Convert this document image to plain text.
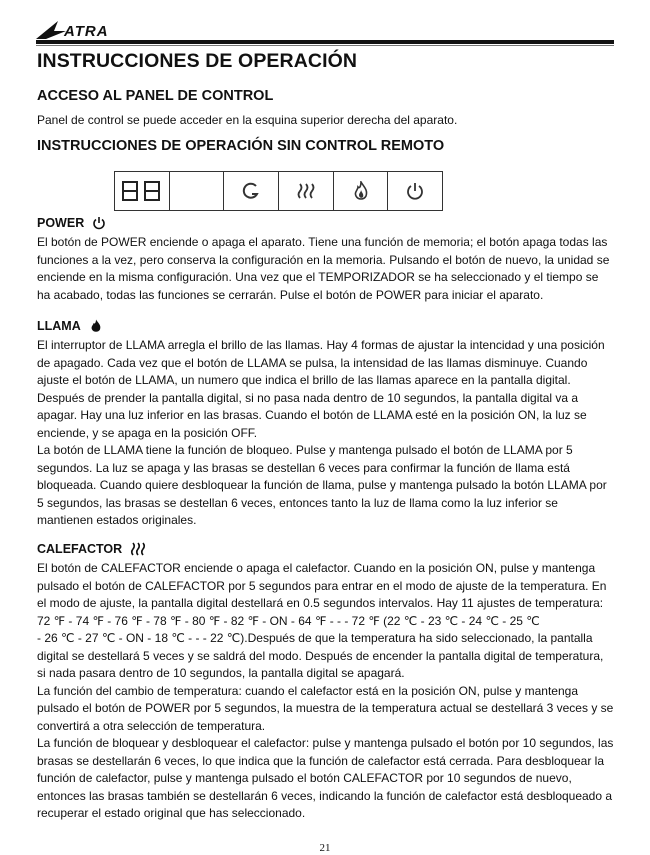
ATRA
INSTRUCCIONES DE OPERACIÓN
ACCESO AL PANEL DE CONTROL

Panel de control se puede acceder en la esquina superior derecha del aparato.

INSTRUCCIONES DE OPERACIÓN SIN CONTROL REMOTO
POWER
El botón de POWER enciende o apaga el aparato. Tiene una función de memoria; el botón apaga todas las
funciones a la vez, pero conserva la configuración en la memoria. Pulsando el botón de nuevo, la unidad se
enciende en la misma configuración. Una vez que el TEMPORIZADOR se ha seleccionado y el tiempo se
ha acabado, todas las funciones se cerrarán. Pulse el botón de POWER para iniciar el aparato.
LLAMA
El interruptor de LLAMA arregla el brillo de las llamas. Hay 4 formas de ajustar la intencidad y una posición
de apagado. Cada vez que el botón de LLAMA se pulsa, la intensidad de las llamas disminuye. Cuando
ajuste el botón de LLAMA, un numero que indica el brillo de las llamas aparece en la pantalla digital.
Después de prender la pantalla digital, si no pasa nada dentro de 10 segundos, la pantalla digital va a
apagar. Hay una luz inferior en las brasas. Cuando el botón de LLAMA esté en la posición ON, la luz se
enciende, y se apaga en la posición OFF.
La botón de LLAMA tiene la función de bloqueo. Pulse y mantenga pulsado el botón de LLAMA por 5
segundos. La luz se apaga y las brasas se destellan 6 veces para confirmar la función de llama está
bloqueada. Cuando quiere desbloquear la función de llama, pulse y mantenga pulsado la botón LLAMA por
5 segundos, las brasas se destellan 6 veces, entonces tanto la luz de llama como la luz inferior se
mantienen estados originales.
CALEFACTOR
El botón de CALEFACTOR enciende o apaga el calefactor. Cuando en la posición ON, pulse y mantenga
pulsado el botón de CALEFACTOR por 5 segundos para entrar en el modo de ajuste de la temperatura. En
el modo de ajuste, la pantalla digital destellará en 0.5 segundos intervalos. Hay 11 ajustes de temperatura:
72 ℉ - 74 ℉ - 76 ℉ - 78 ℉ - 80 ℉ - 82 ℉ - ON - 64 ℉ - - - 72 ℉ (22 ℃ - 23 ℃ - 24 ℃ - 25 ℃
- 26 ℃ - 27 ℃ - ON - 18 ℃ - - - 22 ℃).Después de que la temperatura ha sido seleccionado, la pantalla
digital se destellará 5 veces y se saldrá del modo. Después de encender la pantalla digital de temperatura,
si nada pasara dentro de 10 segundos, la pantalla digital se apagará.
La función del cambio de temperatura: cuando el calefactor está en la posición ON, pulse y mantenga
pulsado el botón de POWER por 5 segundos, la muestra de la temperatura actual se destellará 3 veces y se
convertirá a otra selección de temperatura.
La función de bloquear y desbloquear el calefactor: pulse y mantenga pulsado el botón por 10 segundos, las
brasas se destellarán 6 veces, lo que indica que la función de calefactor está cerrada. Para desbloquear la
función de calefactor, pulse y mantenga pulsado el botón CALEFACTOR por 10 segundos de nuevo,
entonces las brasas también se destellarán 6 veces, indicando la función de calefactor está desbloqueado a
recuperar el estado original que has seleccionado.
21
